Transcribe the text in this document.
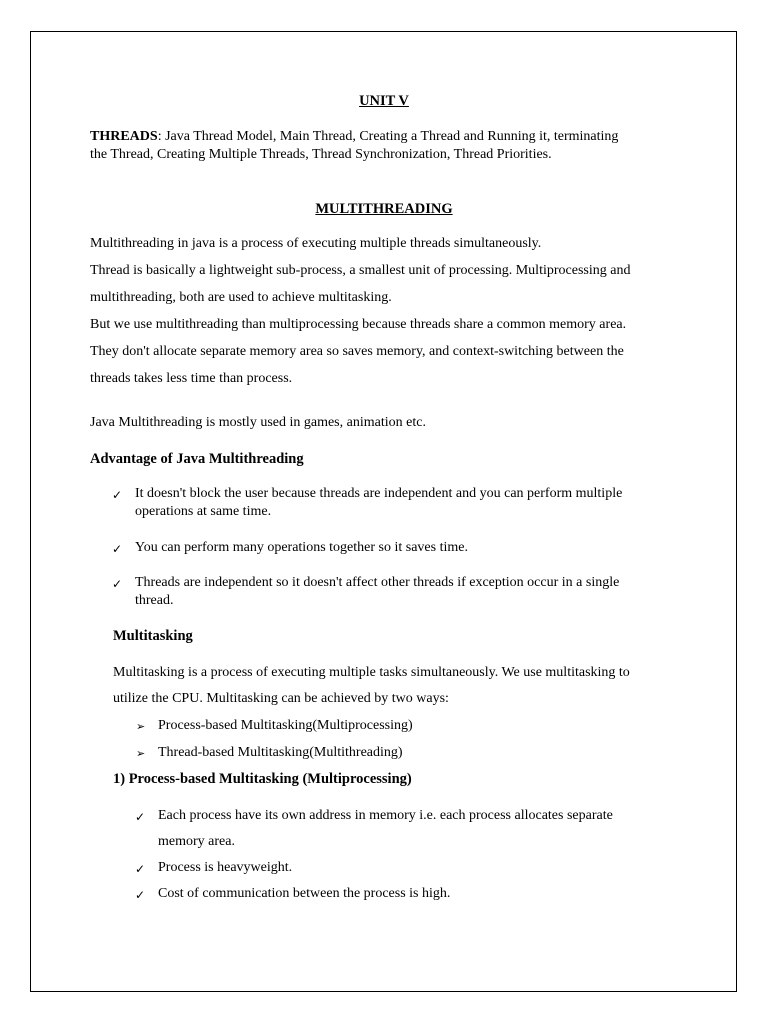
UNIT V
THREADS: Java Thread Model, Main Thread, Creating a Thread and Running it, terminating
the Thread, Creating Multiple Threads, Thread Synchronization, Thread Priorities.
MULTITHREADING
Multithreading in java is a process of executing multiple threads simultaneously.
Thread is basically a lightweight sub-process, a smallest unit of processing. Multiprocessing and
multithreading, both are used to achieve multitasking.
But we use multithreading than multiprocessing because threads share a common memory area.
They don't allocate separate memory area so saves memory, and context-switching between the
threads takes less time than process.
Java Multithreading is mostly used in games, animation etc.
Advantage of Java Multithreading
✓ It doesn't block the user because threads are independent and you can perform multiple
operations at same time.
✓ You can perform many operations together so it saves time.
✓ Threads are independent so it doesn't affect other threads if exception occur in a single
thread.
Multitasking
Multitasking is a process of executing multiple tasks simultaneously. We use multitasking to
utilize the CPU. Multitasking can be achieved by two ways:
➢ Process-based Multitasking(Multiprocessing)
➢ Thread-based Multitasking(Multithreading)
1) Process-based Multitasking (Multiprocessing)
✓ Each process have its own address in memory i.e. each process allocates separate
memory area.
✓ Process is heavyweight.
✓ Cost of communication between the process is high.
